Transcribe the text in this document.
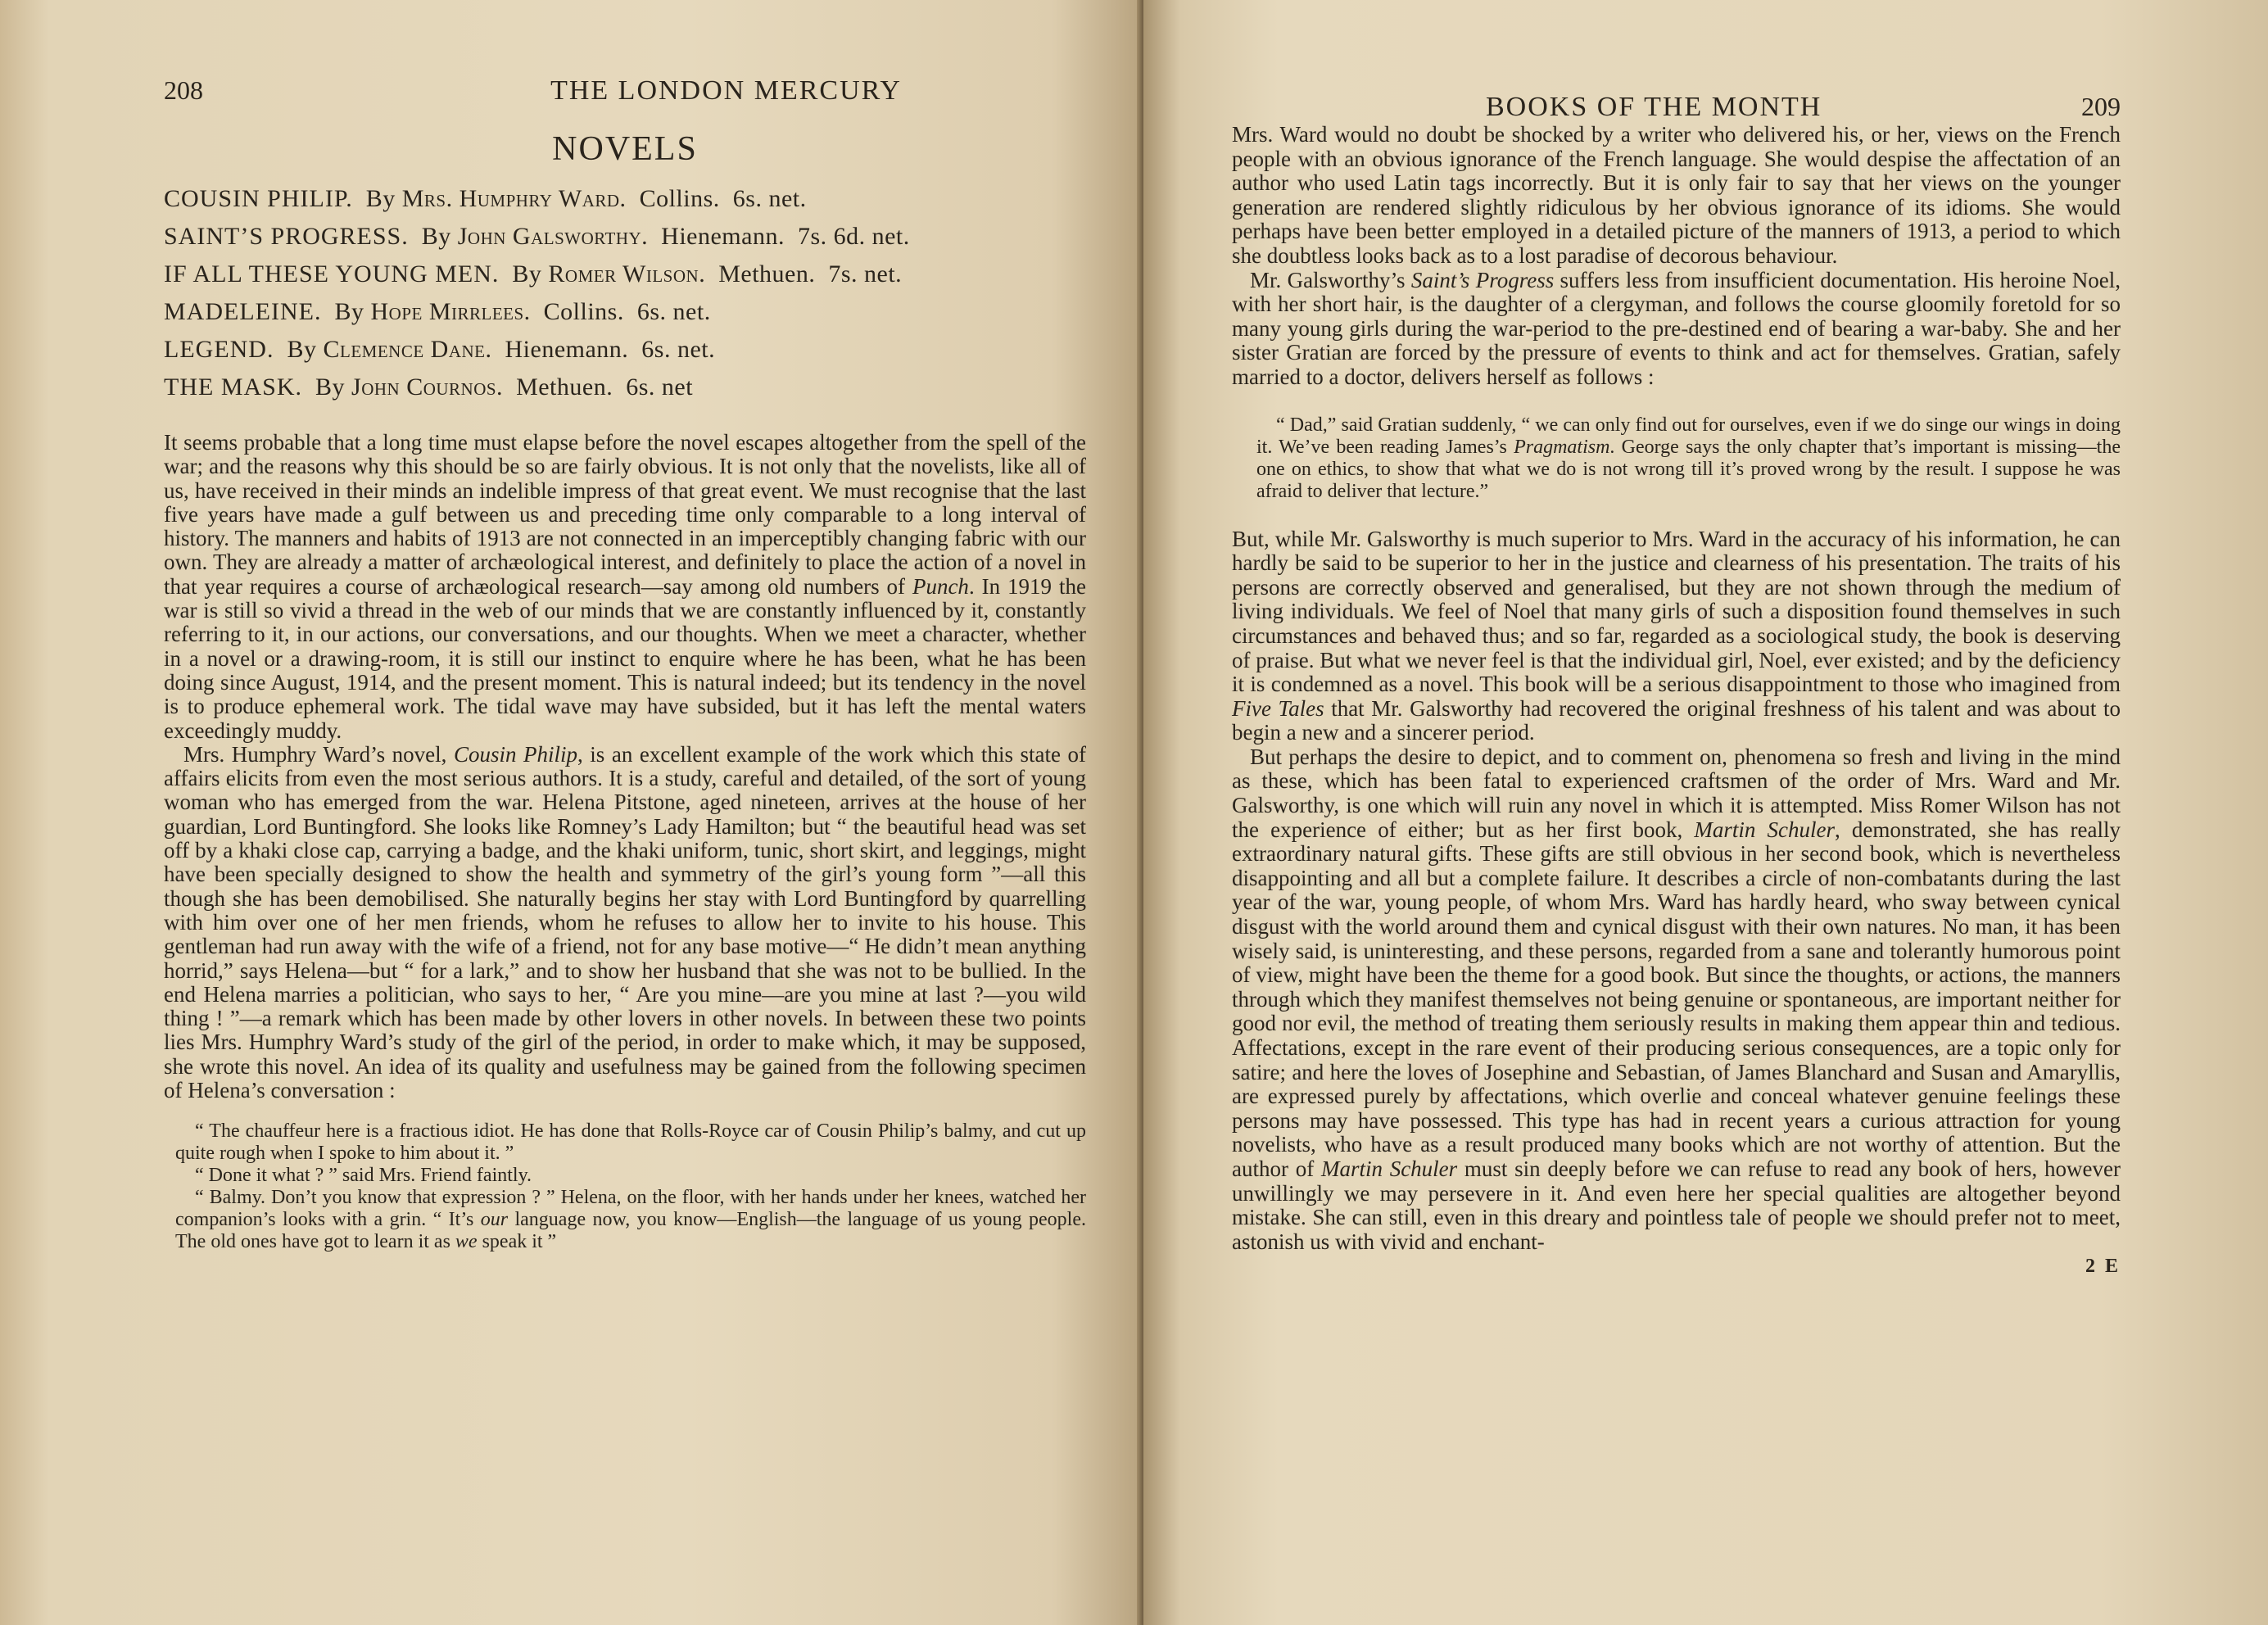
208	THE LONDON MERCURY
NOVELS
COUSIN PHILIP. By Mrs. Humphry Ward. Collins. 6s. net.
SAINT’S PROGRESS. By John Galsworthy. Hienemann. 7s. 6d. net.
IF ALL THESE YOUNG MEN. By Romer Wilson. Methuen. 7s. net.
MADELEINE. By Hope Mirrlees. Collins. 6s. net.
LEGEND. By Clemence Dane. Hienemann. 6s. net.
THE MASK. By John Cournos. Methuen. 6s. net

It seems probable that a long time must elapse before the novel escapes altogether from the spell of the war; and the reasons why this should be so are fairly obvious. It is not only that the novelists, like all of us, have received in their minds an indelible impress of that great event. We must recognise that the last five years have made a gulf between us and preceding time only comparable to a long interval of history. The manners and habits of 1913 are not connected in an imperceptibly changing fabric with our own. They are already a matter of archæological interest, and definitely to place the action of a novel in that year requires a course of archæological research—say among old numbers of Punch. In 1919 the war is still so vivid a thread in the web of our minds that we are constantly influenced by it, constantly referring to it, in our actions, our conversations, and our thoughts. When we meet a character, whether in a novel or a drawing-room, it is still our instinct to enquire where he has been, what he has been doing since August, 1914, and the present moment. This is natural indeed; but its tendency in the novel is to produce ephemeral work. The tidal wave may have subsided, but it has left the mental waters exceedingly muddy.

Mrs. Humphry Ward’s novel, Cousin Philip, is an excellent example of the work which this state of affairs elicits from even the most serious authors. It is a study, careful and detailed, of the sort of young woman who has emerged from the war. Helena Pitstone, aged nineteen, arrives at the house of her guardian, Lord Buntingford. She looks like Romney’s Lady Hamilton; but “ the beautiful head was set off by a khaki close cap, carrying a badge, and the khaki uniform, tunic, short skirt, and leggings, might have been specially designed to show the health and symmetry of the girl’s young form ”—all this though she has been demobilised. She naturally begins her stay with Lord Buntingford by quarrelling with him over one of her men friends, whom he refuses to allow her to invite to his house. This gentleman had run away with the wife of a friend, not for any base motive—“ He didn’t mean anything horrid,” says Helena—but “ for a lark,” and to show her husband that she was not to be bullied. In the end Helena marries a politician, who says to her, “ Are you mine—are you mine at last ?—you wild thing ! ”—a remark which has been made by other lovers in other novels. In between these two points lies Mrs. Humphry Ward’s study of the girl of the period, in order to make which, it may be supposed, she wrote this novel. An idea of its quality and usefulness may be gained from the following specimen of Helena’s conversation :

“ The chauffeur here is a fractious idiot. He has done that Rolls-Royce car of Cousin Philip’s balmy, and cut up quite rough when I spoke to him about it. ”

“ Done it what ? ” said Mrs. Friend faintly.

“ Balmy. Don’t you know that expression ? ” Helena, on the floor, with her hands under her knees, watched her companion’s looks with a grin. “ It’s our language now, you know—English—the language of us young people. The old ones have got to learn it as we speak it ”

BOOKS OF THE MONTH	209

Mrs. Ward would no doubt be shocked by a writer who delivered his, or her, views on the French people with an obvious ignorance of the French language. She would despise the affectation of an author who used Latin tags incorrectly. But it is only fair to say that her views on the younger generation are rendered slightly ridiculous by her obvious ignorance of its idioms. She would perhaps have been better employed in a detailed picture of the manners of 1913, a period to which she doubtless looks back as to a lost paradise of decorous behaviour.

Mr. Galsworthy’s Saint’s Progress suffers less from insufficient documentation. His heroine Noel, with her short hair, is the daughter of a clergyman, and follows the course gloomily foretold for so many young girls during the war-period to the pre-destined end of bearing a war-baby. She and her sister Gratian are forced by the pressure of events to think and act for themselves. Gratian, safely married to a doctor, delivers herself as follows :

“ Dad,” said Gratian suddenly, “ we can only find out for ourselves, even if we do singe our wings in doing it. We’ve been reading James’s Pragmatism. George says the only chapter that’s important is missing—the one on ethics, to show that what we do is not wrong till it’s proved wrong by the result. I suppose he was afraid to deliver that lecture.”

But, while Mr. Galsworthy is much superior to Mrs. Ward in the accuracy of his information, he can hardly be said to be superior to her in the justice and clearness of his presentation. The traits of his persons are correctly observed and generalised, but they are not shown through the medium of living individuals. We feel of Noel that many girls of such a disposition found themselves in such circumstances and behaved thus; and so far, regarded as a sociological study, the book is deserving of praise. But what we never feel is that the individual girl, Noel, ever existed; and by the deficiency it is condemned as a novel. This book will be a serious disappointment to those who imagined from Five Tales that Mr. Galsworthy had recovered the original freshness of his talent and was about to begin a new and a sincerer period.

But perhaps the desire to depict, and to comment on, phenomena so fresh and living in the mind as these, which has been fatal to experienced craftsmen of the order of Mrs. Ward and Mr. Galsworthy, is one which will ruin any novel in which it is attempted. Miss Romer Wilson has not the experience of either; but as her first book, Martin Schuler, demonstrated, she has really extraordinary natural gifts. These gifts are still obvious in her second book, which is nevertheless disappointing and all but a complete failure. It describes a circle of non-combatants during the last year of the war, young people, of whom Mrs. Ward has hardly heard, who sway between cynical disgust with the world around them and cynical disgust with their own natures. No man, it has been wisely said, is uninteresting, and these persons, regarded from a sane and tolerantly humorous point of view, might have been the theme for a good book. But since the thoughts, or actions, the manners through which they manifest themselves not being genuine or spontaneous, are important neither for good nor evil, the method of treating them seriously results in making them appear thin and tedious. Affectations, except in the rare event of their producing serious consequences, are a topic only for satire; and here the loves of Josephine and Sebastian, of James Blanchard and Susan and Amaryllis, are expressed purely by affectations, which overlie and conceal whatever genuine feelings these persons may have possessed. This type has had in recent years a curious attraction for young novelists, who have as a result produced many books which are not worthy of attention. But the author of Martin Schuler must sin deeply before we can refuse to read any book of hers, however unwillingly we may persevere in it. And even here her special qualities are altogether beyond mistake. She can still, even in this dreary and pointless tale of people we should prefer not to meet, astonish us with vivid and enchant-

2 E
